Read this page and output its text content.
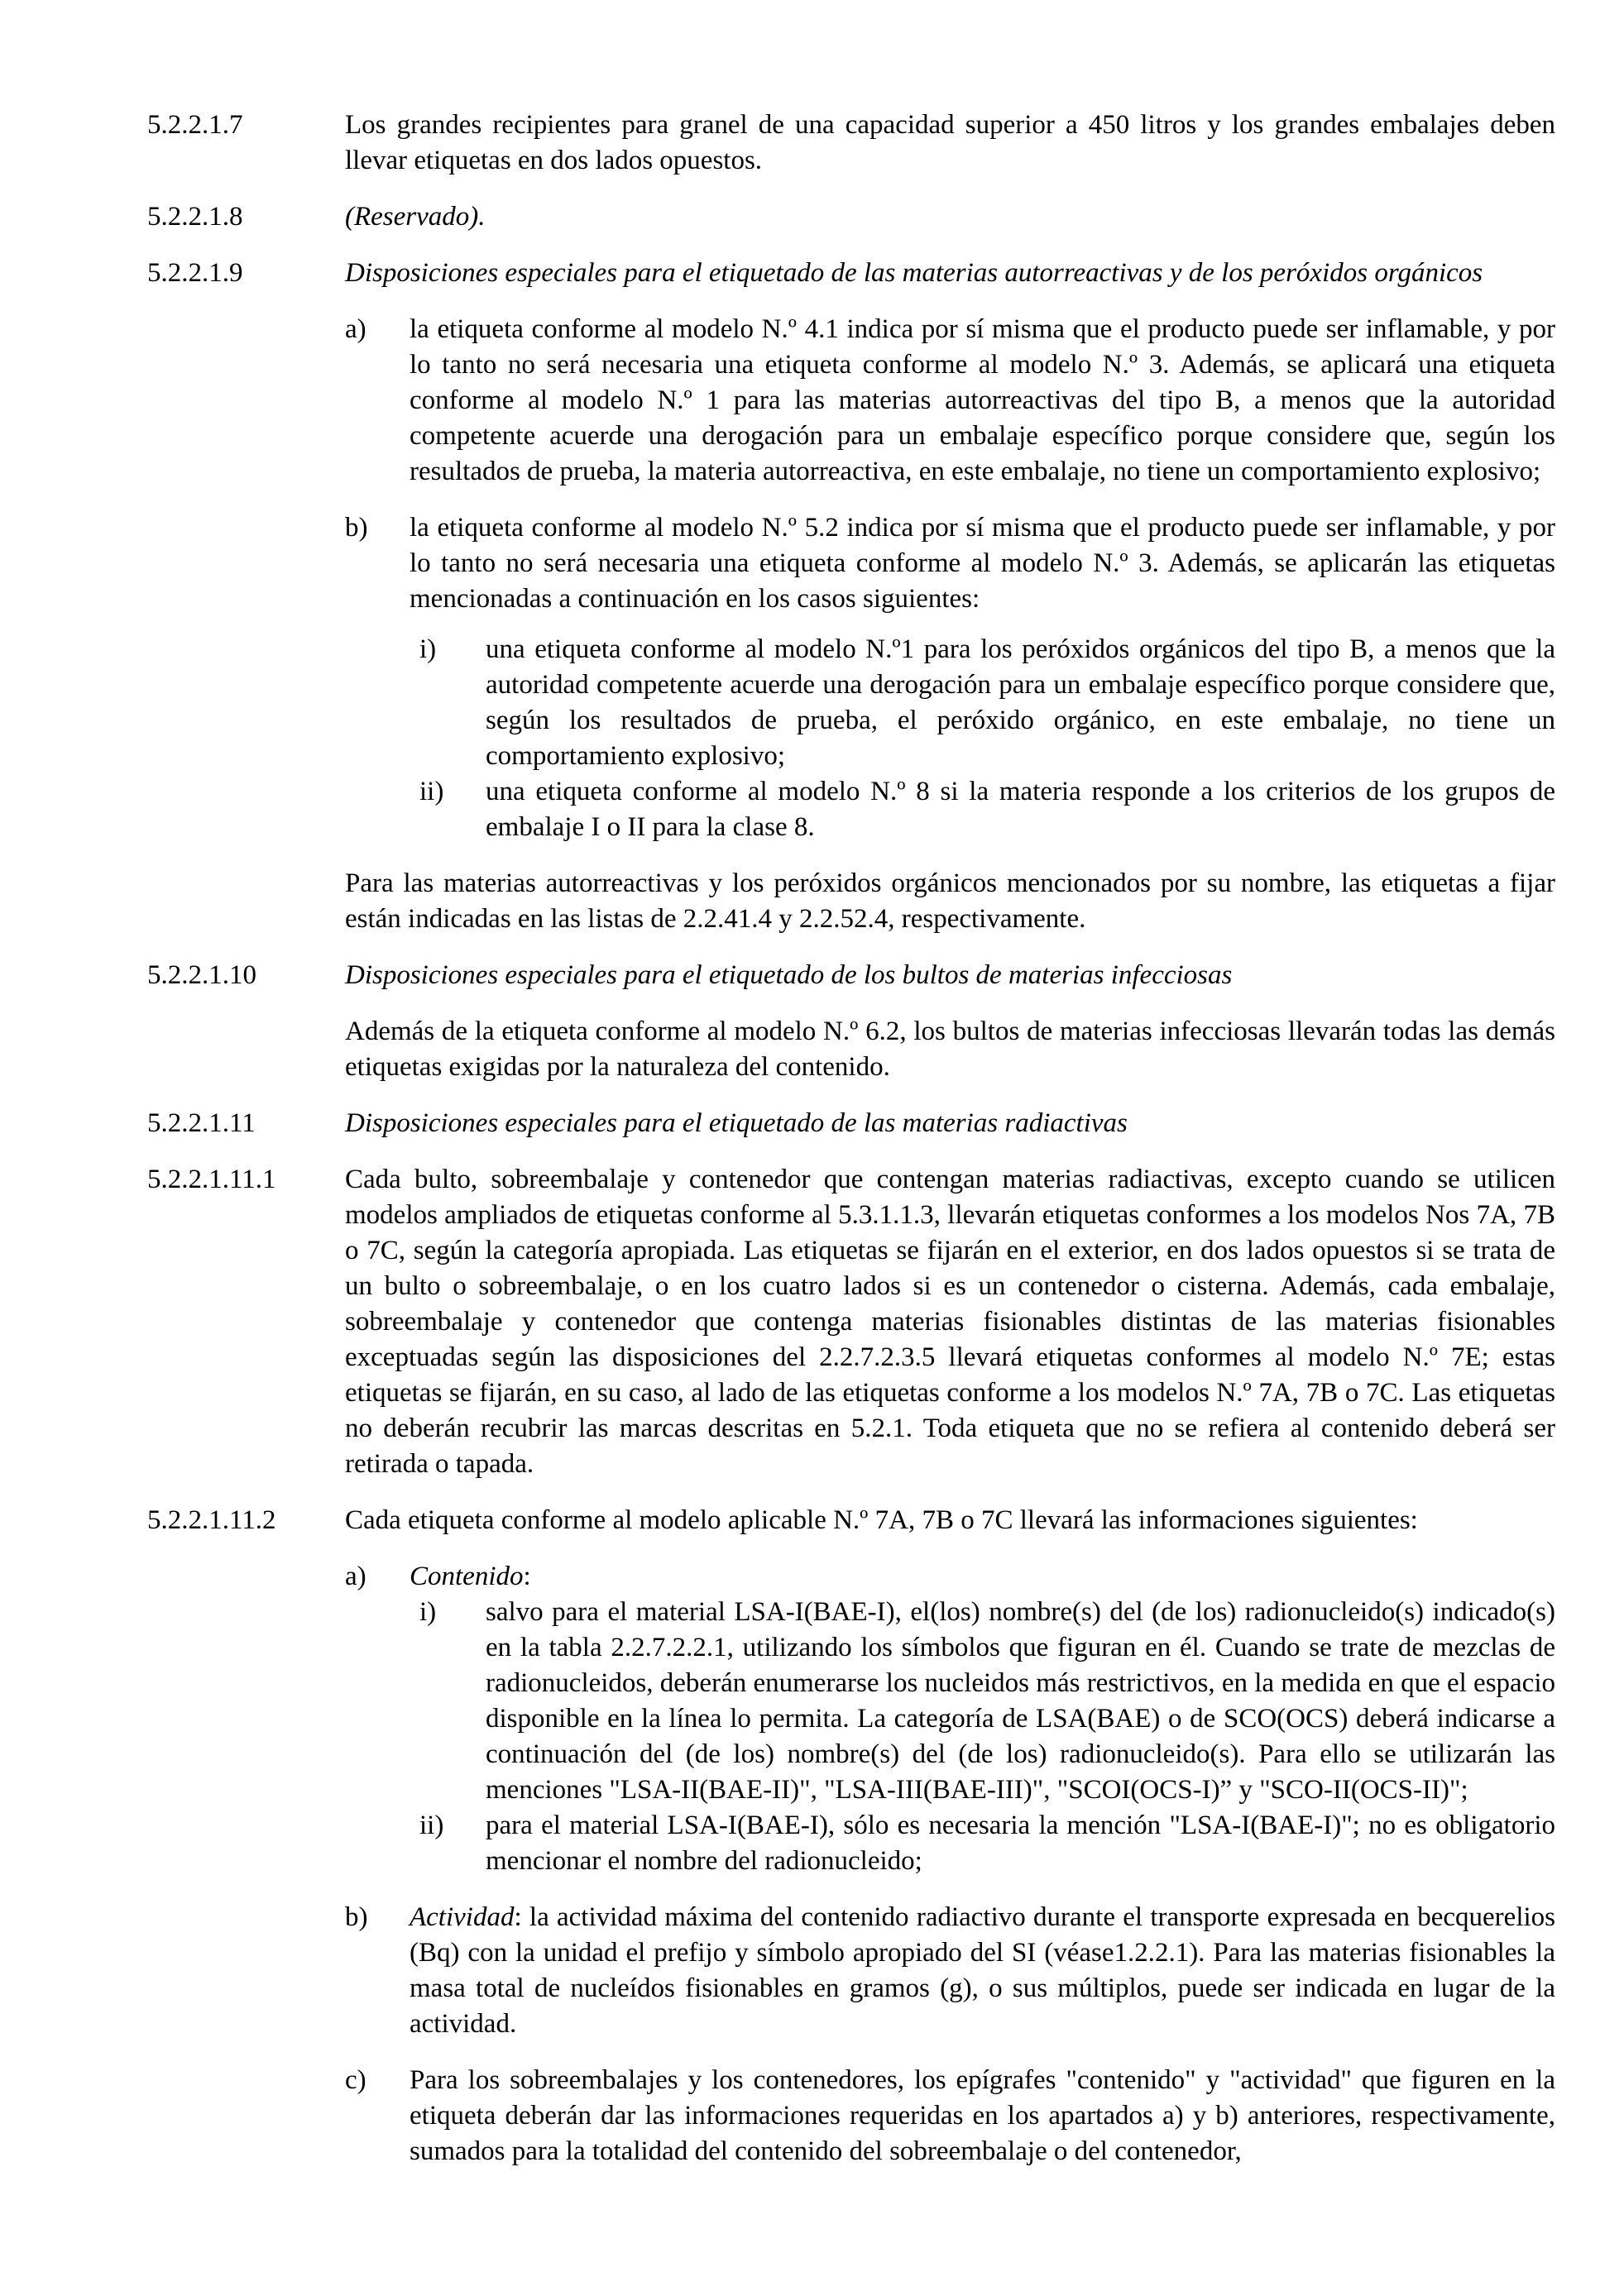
5.2.2.1.7	Los grandes recipientes para granel de una capacidad superior a 450 litros y los grandes embalajes deben llevar etiquetas en dos lados opuestos.
5.2.2.1.8	(Reservado).
5.2.2.1.9	Disposiciones especiales para el etiquetado de las materias autorreactivas y de los peróxidos orgánicos
a)	la etiqueta conforme al modelo N.º 4.1 indica por sí misma que el producto puede ser inflamable, y por lo tanto no será necesaria una etiqueta conforme al modelo N.º 3. Además, se aplicará una etiqueta conforme al modelo N.º 1 para las materias autorreactivas del tipo B, a menos que la autoridad competente acuerde una derogación para un embalaje específico porque considere que, según los resultados de prueba, la materia autorreactiva, en este embalaje, no tiene un comportamiento explosivo;
b)	la etiqueta conforme al modelo N.º 5.2 indica por sí misma que el producto puede ser inflamable, y por lo tanto no será necesaria una etiqueta conforme al modelo N.º 3. Además, se aplicarán las etiquetas mencionadas a continuación en los casos siguientes:
i)	una etiqueta conforme al modelo N.º1 para los peróxidos orgánicos del tipo B, a menos que la autoridad competente acuerde una derogación para un embalaje específico porque considere que, según los resultados de prueba, el peróxido orgánico, en este embalaje, no tiene un comportamiento explosivo;
ii)	una etiqueta conforme al modelo N.º 8 si la materia responde a los criterios de los grupos de embalaje I o II para la clase 8.
Para las materias autorreactivas y los peróxidos orgánicos mencionados por su nombre, las etiquetas a fijar están indicadas en las listas de 2.2.41.4 y 2.2.52.4, respectivamente.
5.2.2.1.10	Disposiciones especiales para el etiquetado de los bultos de materias infecciosas
Además de la etiqueta conforme al modelo N.º 6.2, los bultos de materias infecciosas llevarán todas las demás etiquetas exigidas por la naturaleza del contenido.
5.2.2.1.11	Disposiciones especiales para el etiquetado de las materias radiactivas
5.2.2.1.11.1	Cada bulto, sobreembalaje y contenedor que contengan materias radiactivas, excepto cuando se utilicen modelos ampliados de etiquetas conforme al 5.3.1.1.3, llevarán etiquetas conformes a los modelos Nos 7A, 7B o 7C, según la categoría apropiada. Las etiquetas se fijarán en el exterior, en dos lados opuestos si se trata de un bulto o sobreembalaje, o en los cuatro lados si es un contenedor o cisterna. Además, cada embalaje, sobreembalaje y contenedor que contenga materias fisionables distintas de las materias fisionables exceptuadas según las disposiciones del 2.2.7.2.3.5 llevará etiquetas conformes al modelo N.º 7E; estas etiquetas se fijarán, en su caso, al lado de las etiquetas conforme a los modelos N.º 7A, 7B o 7C. Las etiquetas no deberán recubrir las marcas descritas en 5.2.1. Toda etiqueta que no se refiera al contenido deberá ser retirada o tapada.
5.2.2.1.11.2	Cada etiqueta conforme al modelo aplicable N.º 7A, 7B o 7C llevará las informaciones siguientes:
a)	Contenido:
i)	salvo para el material LSA-I(BAE-I), el(los) nombre(s) del (de los) radionucleido(s) indicado(s) en la tabla 2.2.7.2.2.1, utilizando los símbolos que figuran en él. Cuando se trate de mezclas de radionucleidos, deberán enumerarse los nucleidos más restrictivos, en la medida en que el espacio disponible en la línea lo permita. La categoría de LSA(BAE) o de SCO(OCS) deberá indicarse a continuación del (de los) nombre(s) del (de los) radionucleido(s). Para ello se utilizarán las menciones "LSA-II(BAE-II)", "LSA-III(BAE-III)", "SCOI(OCS-I)” y "SCO-II(OCS-II)";
ii)	para el material LSA-I(BAE-I), sólo es necesaria la mención "LSA-I(BAE-I)"; no es obligatorio mencionar el nombre del radionucleido;
b)	Actividad: la actividad máxima del contenido radiactivo durante el transporte expresada en becquerelios (Bq) con la unidad el prefijo y símbolo apropiado del SI (véase1.2.2.1). Para las materias fisionables la masa total de nucleídos fisionables en gramos (g), o sus múltiplos, puede ser indicada en lugar de la actividad.
c)	Para los sobreembalajes y los contenedores, los epígrafes "contenido" y "actividad" que figuren en la etiqueta deberán dar las informaciones requeridas en los apartados a) y b) anteriores, respectivamente, sumados para la totalidad del contenido del sobreembalaje o del contenedor,
